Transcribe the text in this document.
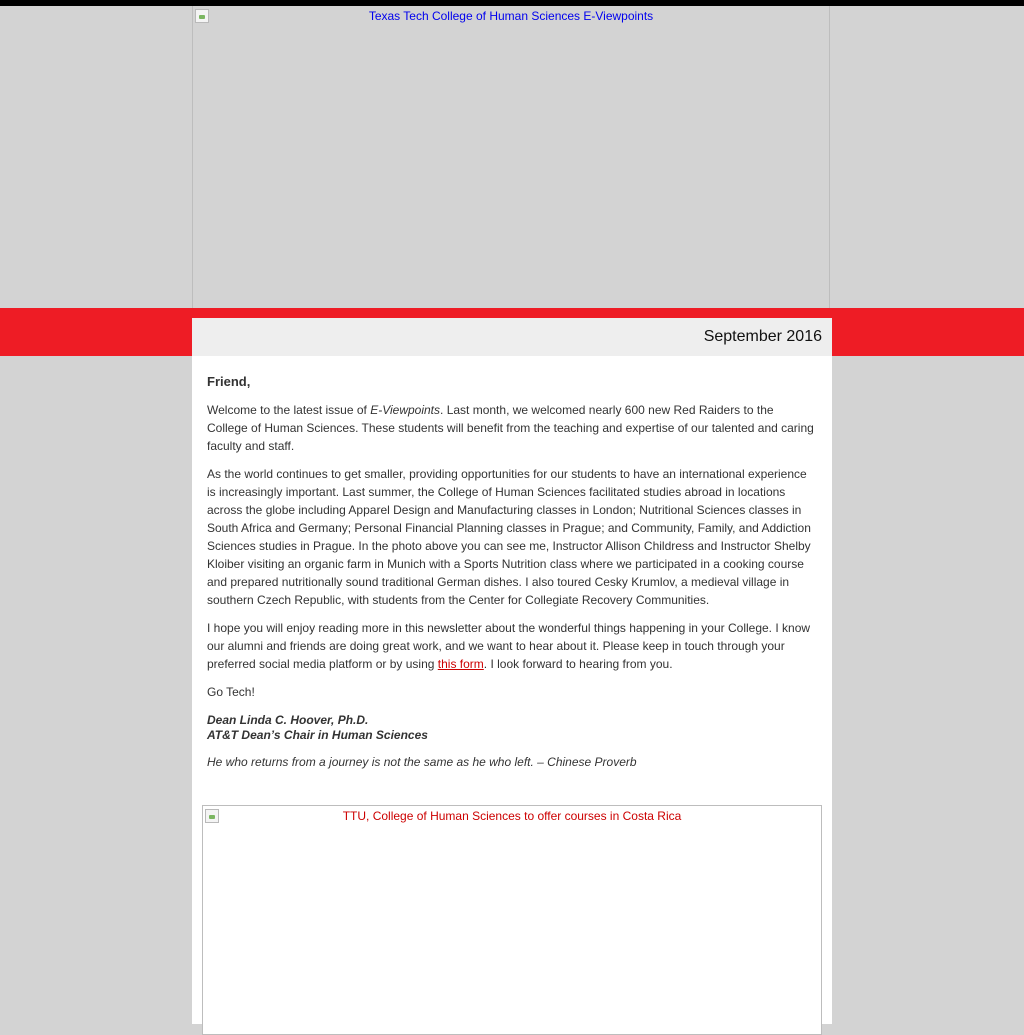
Texas Tech College of Human Sciences E-Viewpoints
September 2016

Friend,

Welcome to the latest issue of E-Viewpoints. Last month, we welcomed nearly 600 new Red Raiders to the College of Human Sciences. These students will benefit from the teaching and expertise of our talented and caring faculty and staff.

As the world continues to get smaller, providing opportunities for our students to have an international experience is increasingly important. Last summer, the College of Human Sciences facilitated studies abroad in locations across the globe including Apparel Design and Manufacturing classes in London; Nutritional Sciences classes in South Africa and Germany; Personal Financial Planning classes in Prague; and Community, Family, and Addiction Sciences studies in Prague. In the photo above you can see me, Instructor Allison Childress and Instructor Shelby Kloiber visiting an organic farm in Munich with a Sports Nutrition class where we participated in a cooking course and prepared nutritionally sound traditional German dishes. I also toured Cesky Krumlov, a medieval village in southern Czech Republic, with students from the Center for Collegiate Recovery Communities.

I hope you will enjoy reading more in this newsletter about the wonderful things happening in your College. I know our alumni and friends are doing great work, and we want to hear about it. Please keep in touch through your preferred social media platform or by using this form. I look forward to hearing from you.

Go Tech!

Dean Linda C. Hoover, Ph.D.
AT&T Dean’s Chair in Human Sciences

He who returns from a journey is not the same as he who left. – Chinese Proverb

TTU, College of Human Sciences to offer courses in Costa Rica
